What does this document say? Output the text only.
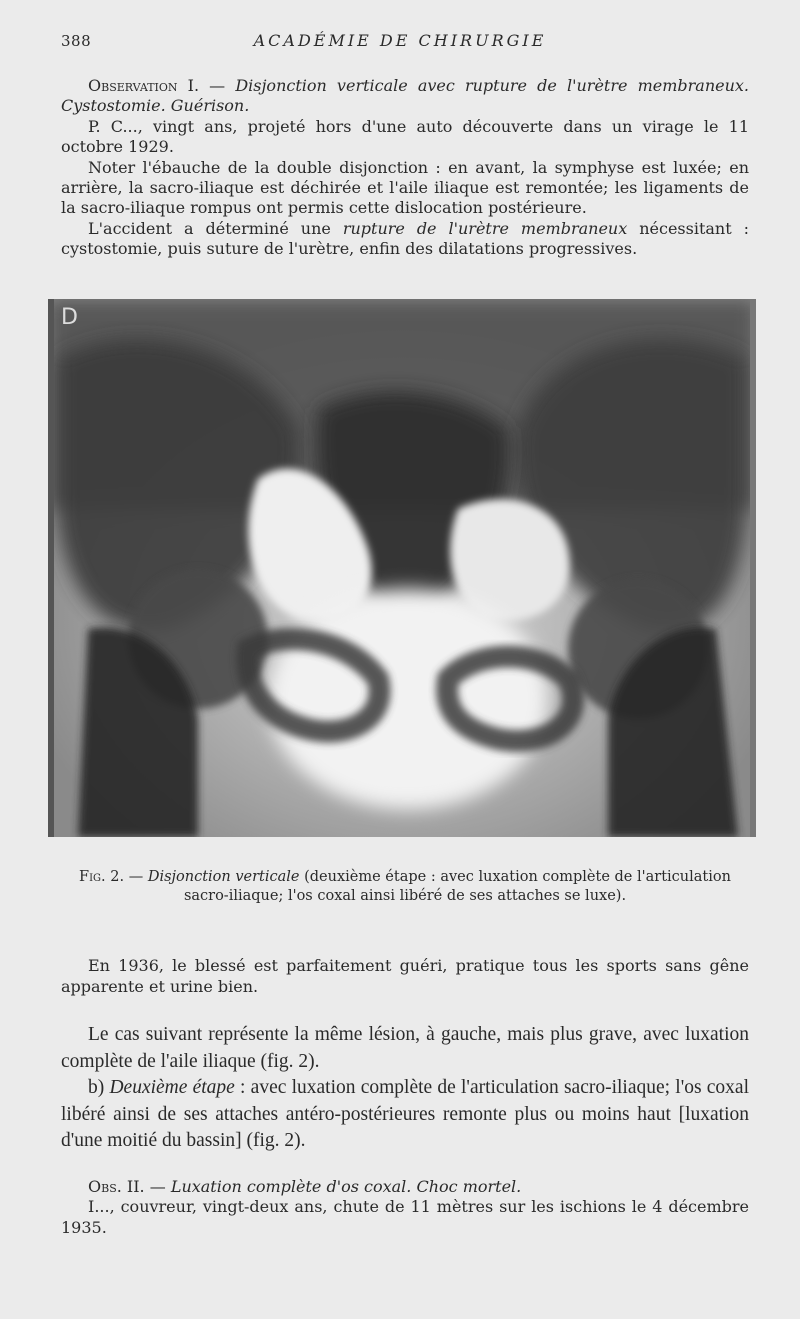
388	ACADÉMIE DE CHIRURGIE

Observation I. — Disjonction verticale avec rupture de l'urètre membraneux. Cystostomie. Guérison.

P. C..., vingt ans, projeté hors d'une auto découverte dans un virage le 11 octobre 1929.

Noter l'ébauche de la double disjonction : en avant, la symphyse est luxée; en arrière, la sacro-iliaque est déchirée et l'aile iliaque est remontée; les ligaments de la sacro-iliaque rompus ont permis cette dislocation postérieure.

L'accident a déterminé une rupture de l'urètre membraneux nécessitant : cystostomie, puis suture de l'urètre, enfin des dilatations progressives.

D
Fig. 2. — Disjonction verticale (deuxième étape : avec luxation complète de l'articulation sacro-iliaque; l'os coxal ainsi libéré de ses attaches se luxe).

En 1936, le blessé est parfaitement guéri, pratique tous les sports sans gêne apparente et urine bien.

Le cas suivant représente la même lésion, à gauche, mais plus grave, avec luxation complète de l'aile iliaque (fig. 2).

b) Deuxième étape : avec luxation complète de l'articulation sacro-iliaque; l'os coxal libéré ainsi de ses attaches antéro-postérieures remonte plus ou moins haut [luxation d'une moitié du bassin] (fig. 2).

Obs. II. — Luxation complète d'os coxal. Choc mortel.

I..., couvreur, vingt-deux ans, chute de 11 mètres sur les ischions le 4 décembre 1935.
